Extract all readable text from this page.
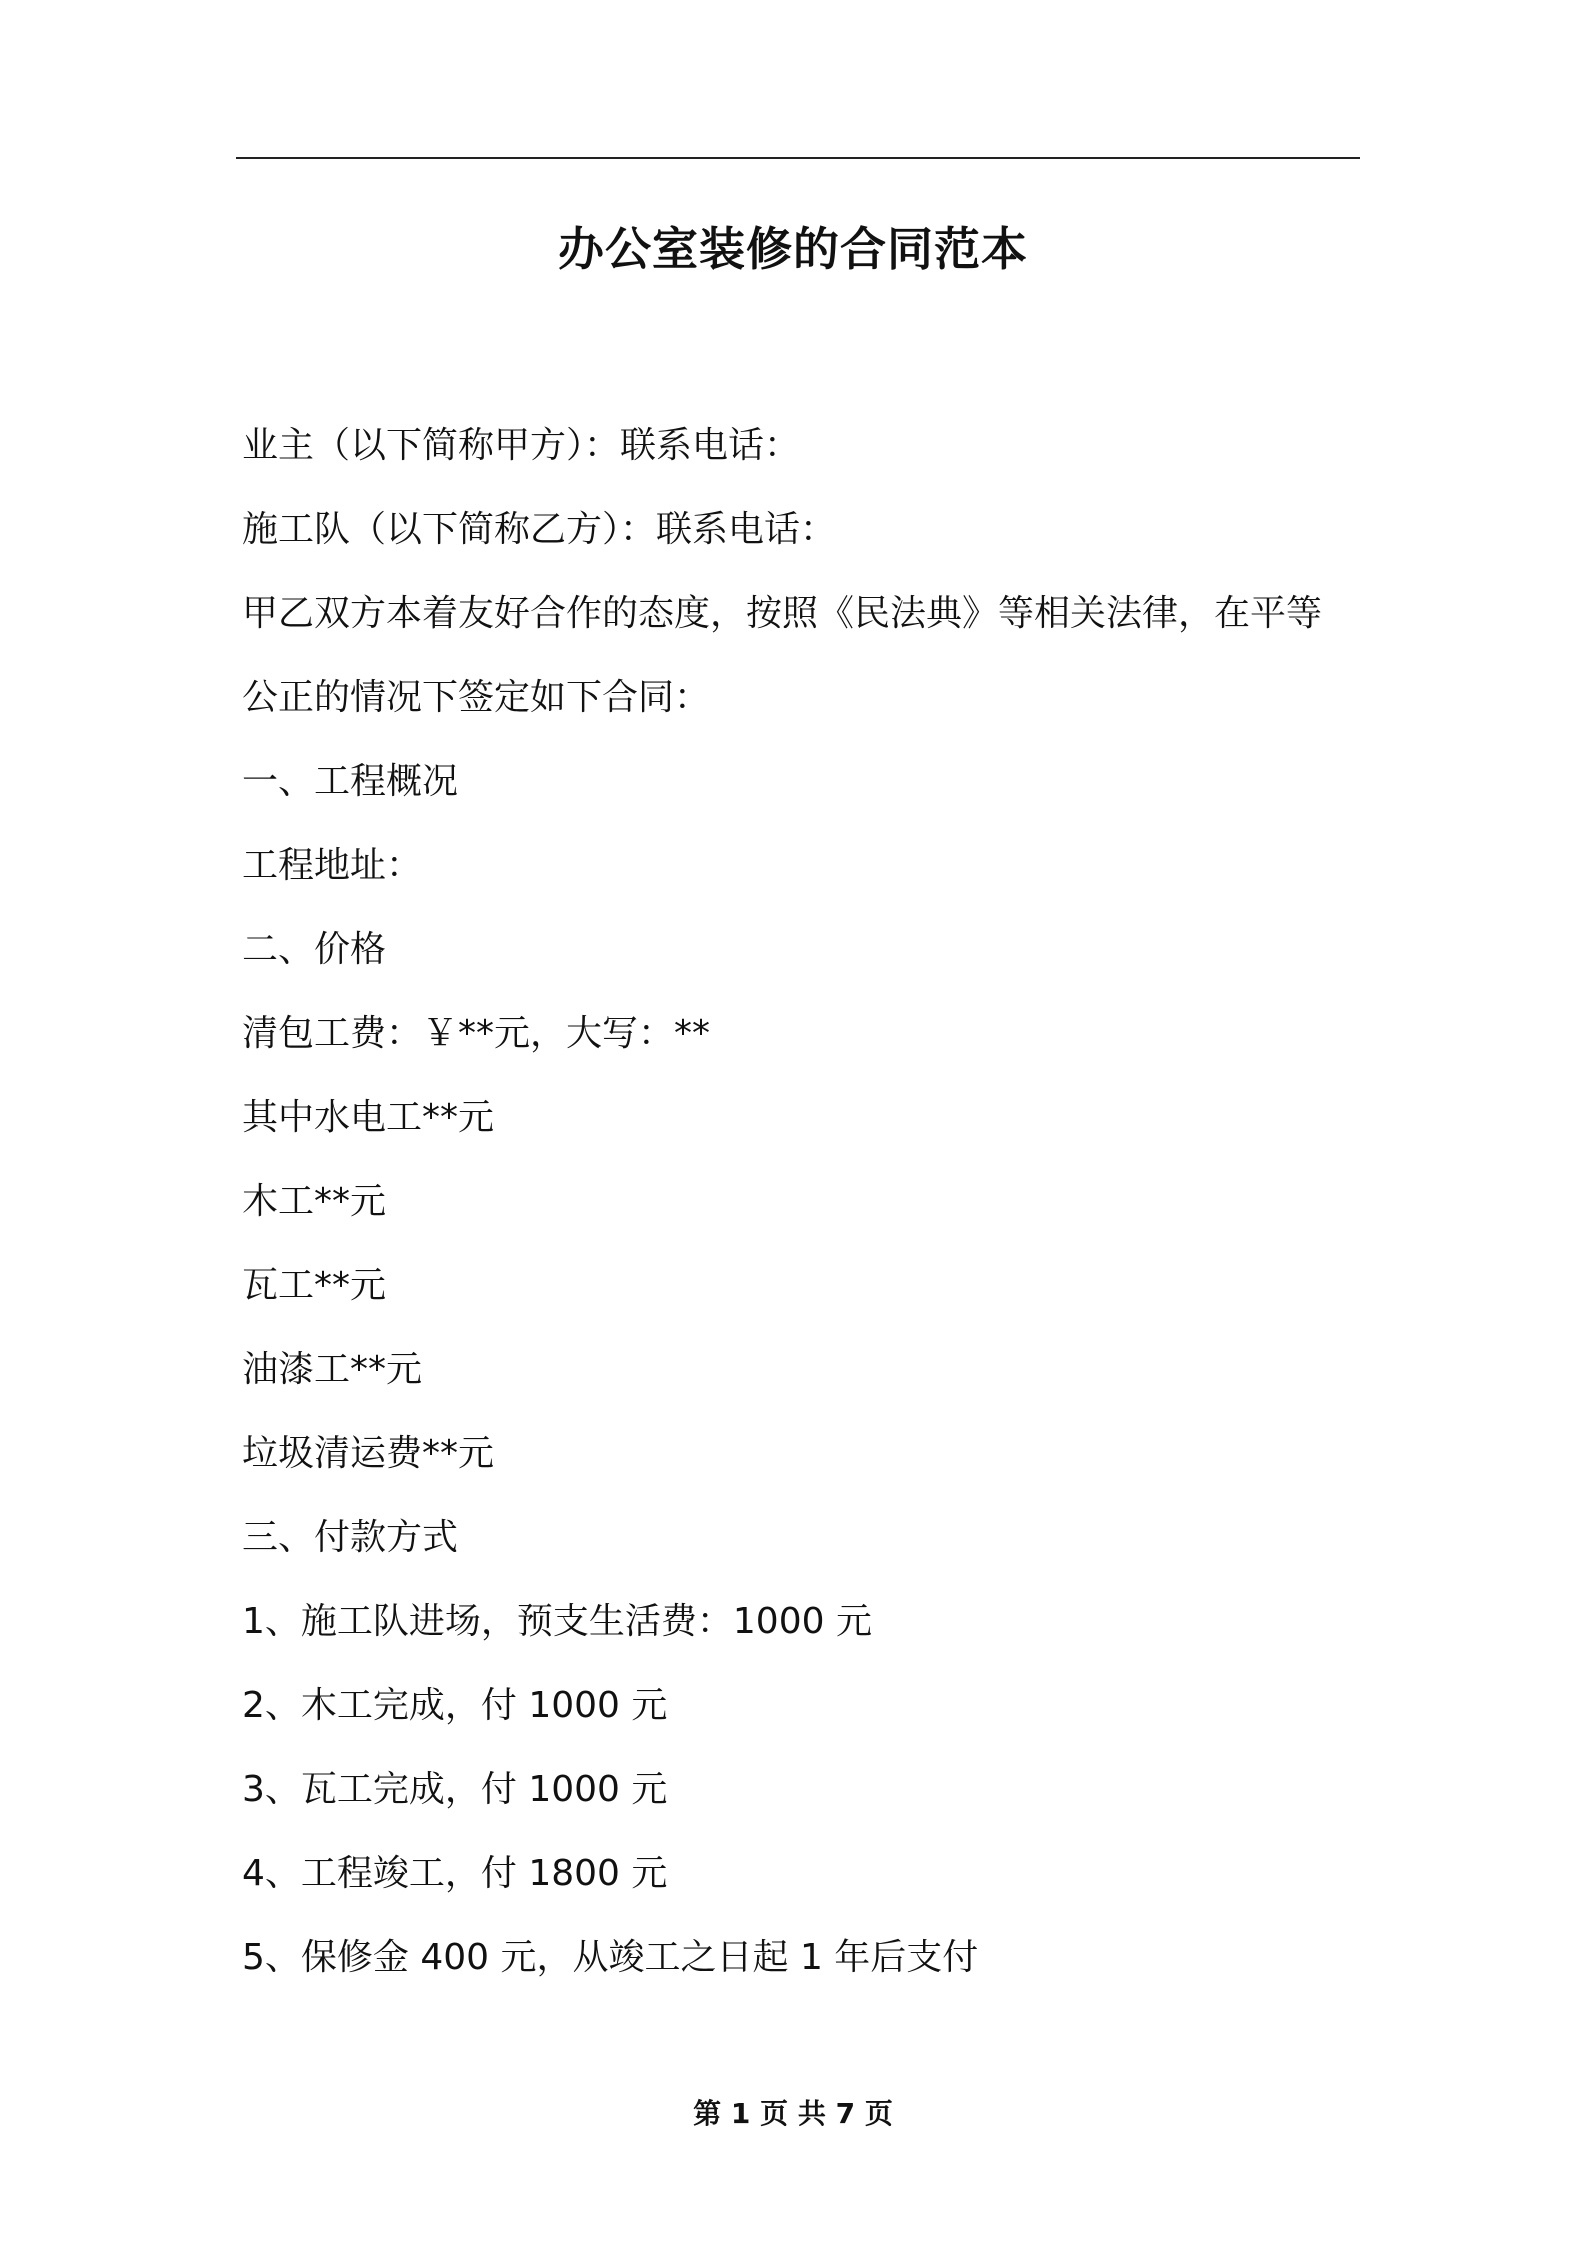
办公室装修的合同范本
业主（以下简称甲方）：联系电话：
施工队（以下简称乙方）：联系电话：
甲乙双方本着友好合作的态度，按照《民法典》等相关法律，在平等
公正的情况下签定如下合同：
一、工程概况
工程地址：
二、价格
清包工费：￥**元，大写：**
其中水电工**元
木工**元
瓦工**元
油漆工**元
垃圾清运费**元
三、付款方式
1、施工队进场，预支生活费：1000 元
2、木工完成，付 1000 元
3、瓦工完成，付 1000 元
4、工程竣工，付 1800 元
5、保修金 400 元，从竣工之日起 1 年后支付
第 1 页 共 7 页
